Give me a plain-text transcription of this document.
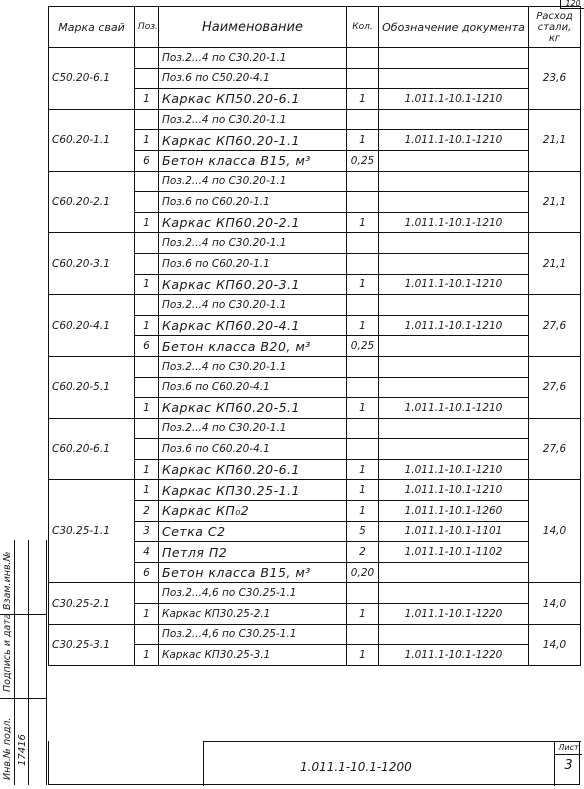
120
Марка свай	Поз.	Наименование	Кол.	Обозначение документа	Расход стали, кг
С50.20-6.1		Поз.2...4 по С30.20-1.1			23,6
		Поз.6 по С50.20-4.1			
	1	Каркас КП50.20-6.1	1	1.011.1-10.1-1210	
С60.20-1.1		Поз.2...4 по С30.20-1.1			21,1
	1	Каркас КП60.20-1.1	1	1.011.1-10.1-1210	
	6	Бетон класса В15, м³	0,25		
С60.20-2.1		Поз.2...4 по С30.20-1.1			21,1
		Поз.6 по С60.20-1.1			
	1	Каркас КП60.20-2.1	1	1.011.1-10.1-1210	
С60.20-3.1		Поз.2...4 по С30.20-1.1			21,1
		Поз.6 по С60.20-1.1			
	1	Каркас КП60.20-3.1	1	1.011.1-10.1-1210	
С60.20-4.1		Поз.2...4 по С30.20-1.1			27,6
	1	Каркас КП60.20-4.1	1	1.011.1-10.1-1210	
	6	Бетон класса В20, м³	0,25		
С60.20-5.1		Поз.2...4 по С30.20-1.1			27,6
		Поз.6 по С60.20-4.1			
	1	Каркас КП60.20-5.1	1	1.011.1-10.1-1210	
С60.20-6.1		Поз.2...4 по С30.20-1.1			27,6
		Поз.6 по С60.20-4.1			
	1	Каркас КП60.20-6.1	1	1.011.1-10.1-1210	
С30.25-1.1	1	Каркас КП30.25-1.1	1	1.011.1-10.1-1210	14,0
	2	Каркас КП₀2	1	1.011.1-10.1-1260	
	3	Сетка С2	5	1.011.1-10.1-1101	
	4	Петля П2	2	1.011.1-10.1-1102	
	6	Бетон класса В15, м³	0,20		
С30.25-2.1		Поз.2...4,6 по С30.25-1.1			14,0
	1	Каркас КП30.25-2.1	1	1.011.1-10.1-1220	
С30.25-3.1		Поз.2...4,6 по С30.25-1.1			14,0
	1	Каркас КП30.25-3.1	1	1.011.1-10.1-1220	
Взам.инв.№
Подпись и дата
Инв.№ подл. 17416
1.011.1-10.1-1200
Лист
3
